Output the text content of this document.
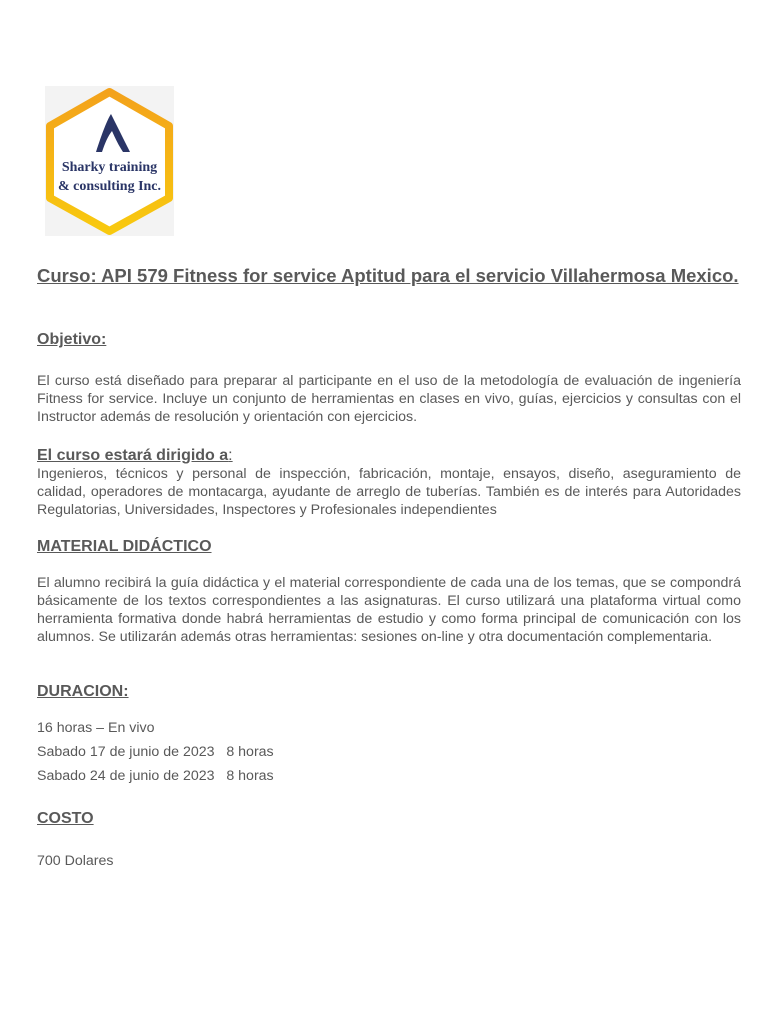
Sharky training
& consulting Inc.
Curso: API 579 Fitness for service Aptitud para el servicio Villahermosa Mexico.
Objetivo:

El curso está diseñado para preparar al participante en el uso de la metodología de evaluación de ingeniería Fitness for service. Incluye un conjunto de herramientas en clases en vivo, guías, ejercicios y consultas con el Instructor además de resolución y orientación con ejercicios.

El curso estará dirigido a:

Ingenieros, técnicos y personal de inspección, fabricación, montaje, ensayos, diseño, aseguramiento de calidad, operadores de montacarga, ayudante de arreglo de tuberías. También es de interés para Autoridades Regulatorias, Universidades, Inspectores y Profesionales independientes

MATERIAL DIDÁCTICO

El alumno recibirá la guía didáctica y el material correspondiente de cada una de los temas, que se compondrá básicamente de los textos correspondientes a las asignaturas. El curso utilizará una plataforma virtual como herramienta formativa donde habrá herramientas de estudio y como forma principal de comunicación con los alumnos. Se utilizarán además otras herramientas: sesiones on-line y otra documentación complementaria.

DURACION:

16 horas – En vivo

Sabado 17 de junio de 2023   8 horas

Sabado 24 de junio de 2023   8 horas

COSTO

700 Dolares
